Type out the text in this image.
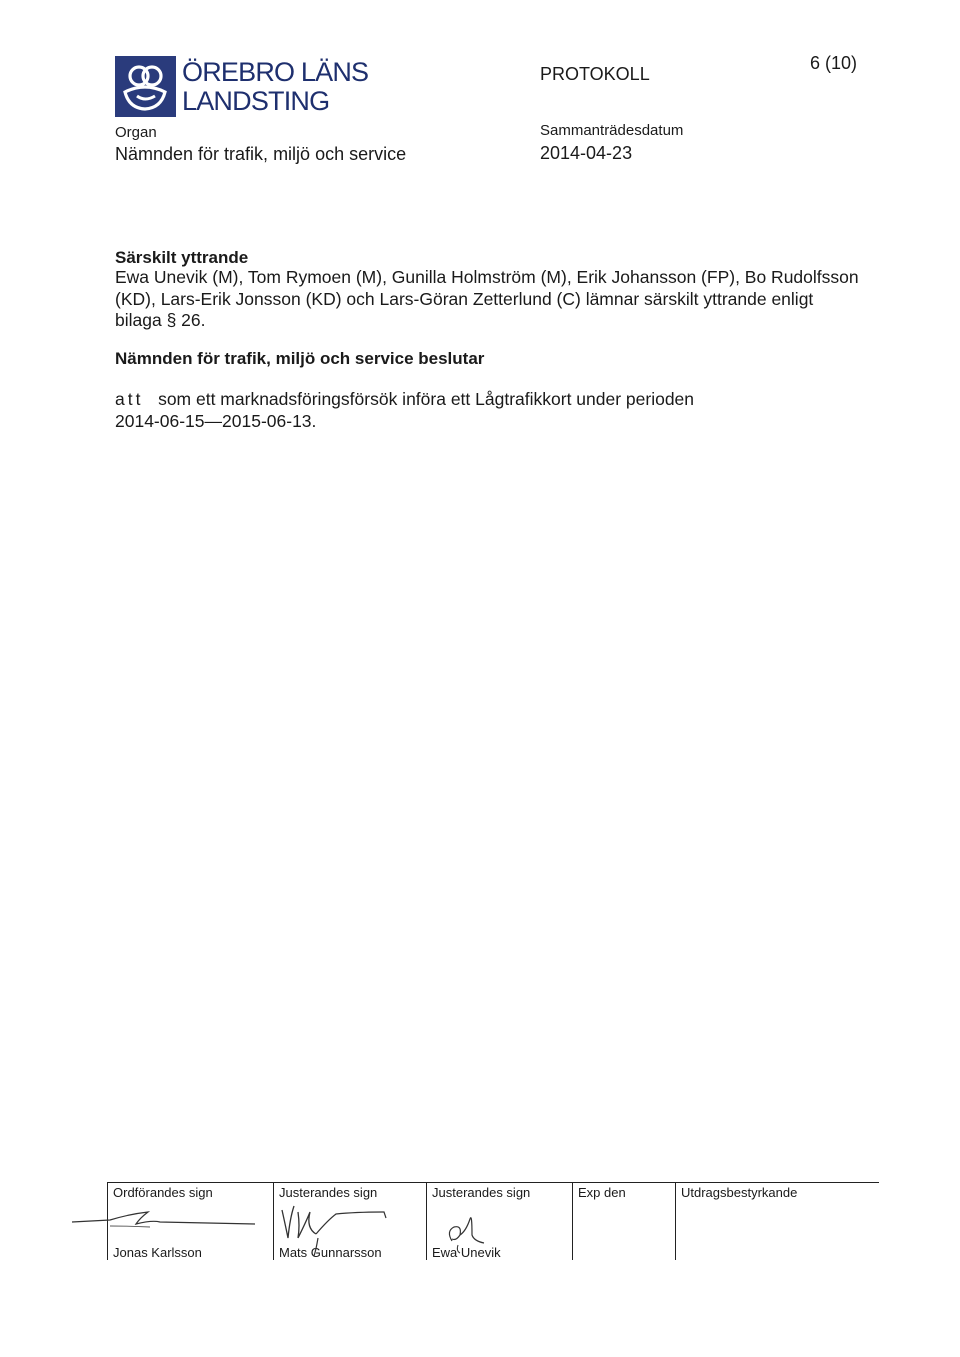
ÖREBRO LÄNS
LANDSTING
PROTOKOLL
6 (10)
Organ
Nämnden för trafik, miljö och service
Sammanträdesdatum
2014-04-23
Särskilt yttrande
Ewa Unevik (M), Tom Rymoen (M), Gunilla Holmström (M), Erik Johansson (FP), Bo Rudolfsson
(KD), Lars-Erik Jonsson (KD) och Lars-Göran Zetterlund (C) lämnar särskilt yttrande enligt
bilaga § 26.
Nämnden för trafik, miljö och service beslutar
att som ett marknadsföringsförsök införa ett Lågtrafikkort under perioden
2014-06-15—2015-06-13.
Ordförandes sign
Jonas Karlsson
Justerandes sign
Mats Gunnarsson
Justerandes sign
Ewa Unevik
Exp den	Utdragsbestyrkande
